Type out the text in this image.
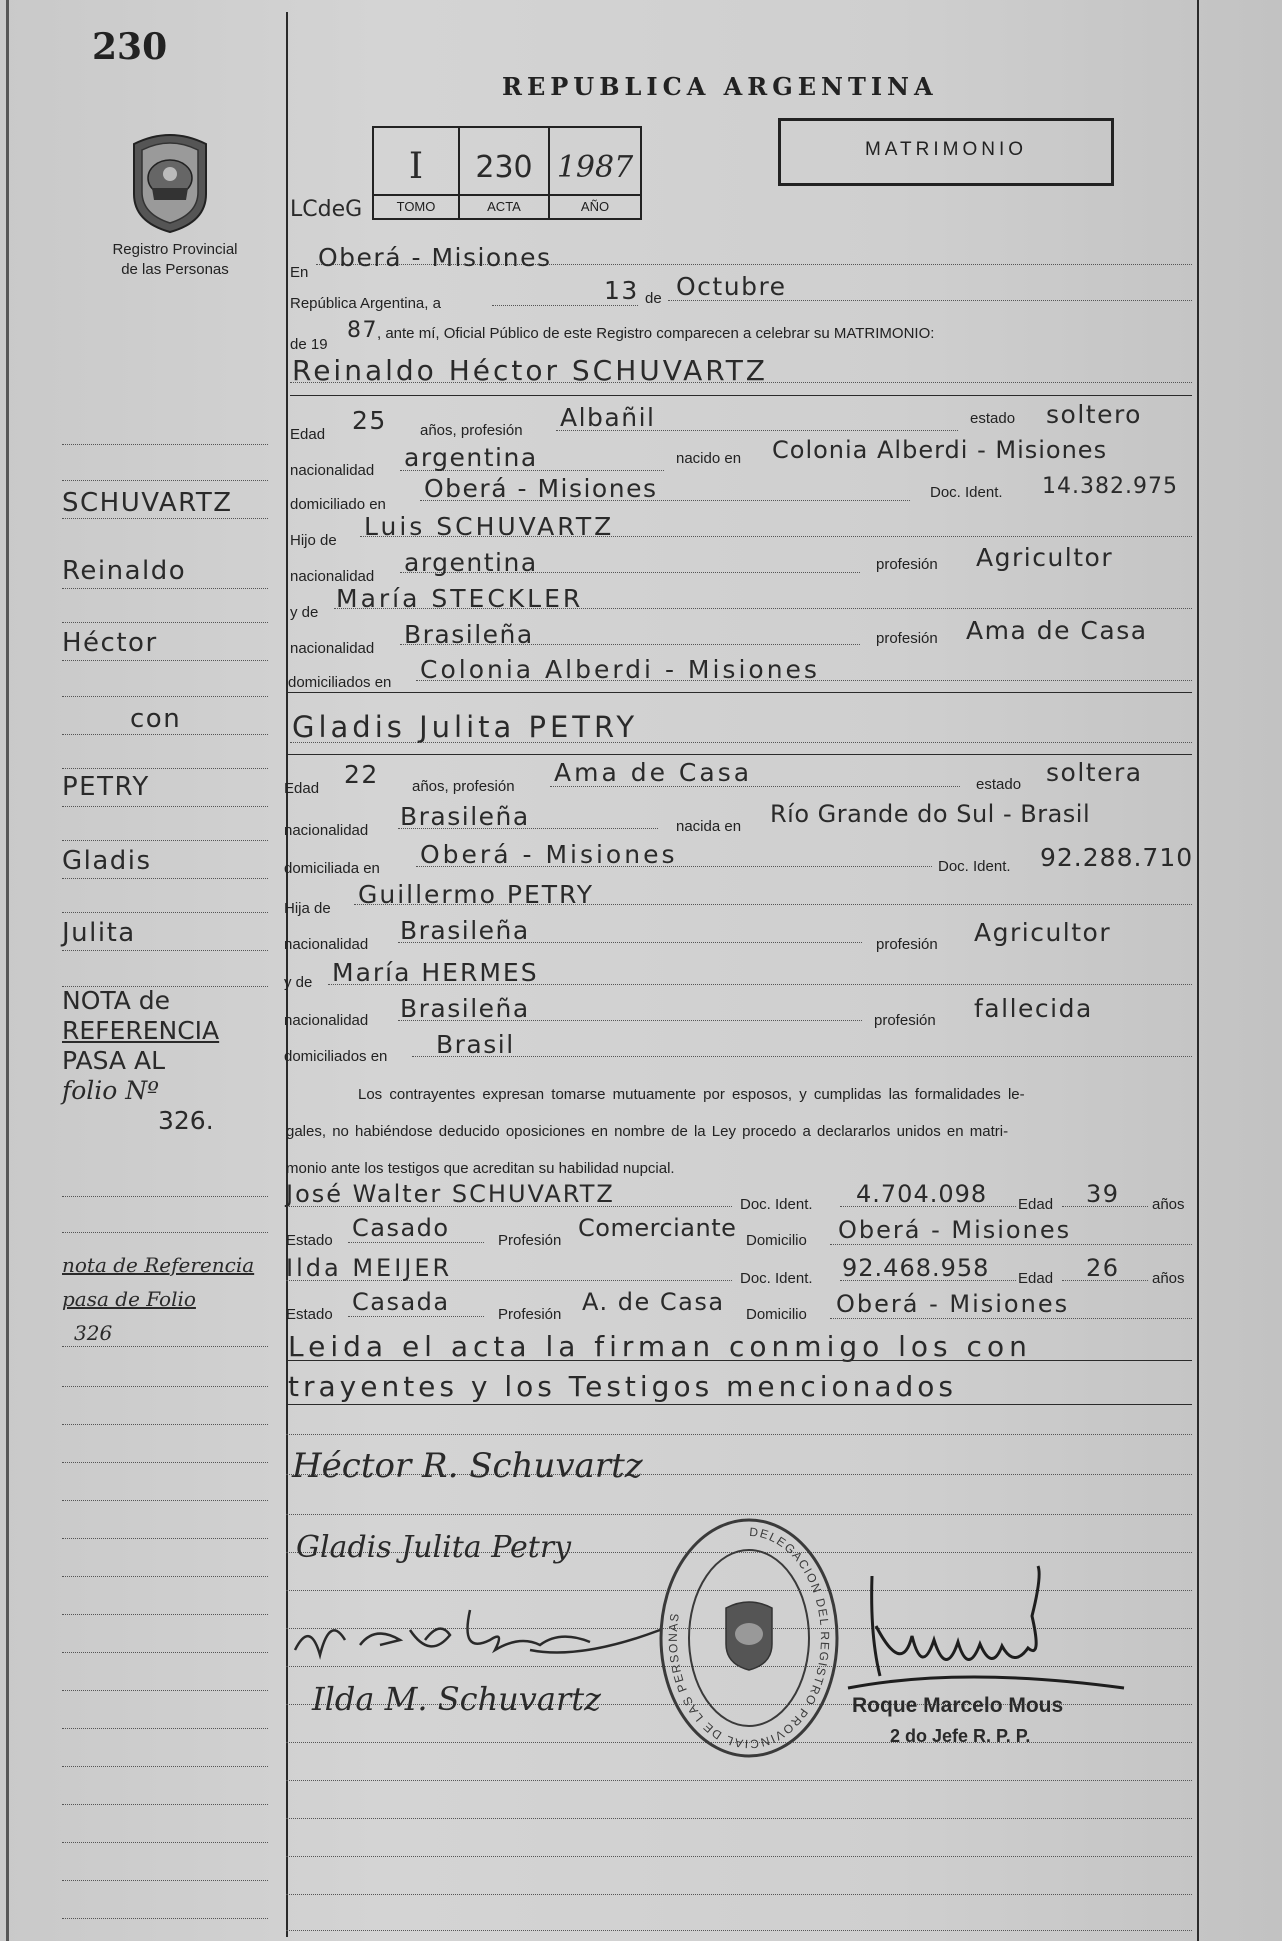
230
Registro Provincial
de las Personas
SCHUVARTZ
Reinaldo
Héctor
con
PETRY
Gladis
Julita
NOTA de
REFERENCIA
PASA AL
folio Nº
326.
nota de Referencia
pasa de Folio
326
REPUBLICA ARGENTINA
LCdeG
I
TOMO
230
ACTA
1987
AÑO
MATRIMONIO
En
Oberá - Misiones
República Argentina, a	13 de Octubre
de 19
87 , ante mí, Oficial Público de este Registro comparecen a celebrar su MATRIMONIO:
Reinaldo Héctor SCHUVARTZ
Edad 25 años, profesión Albañil	estado soltero
nacionalidad argentina	nacido en Colonia Alberdi - Misiones
domiciliado en
Oberá - Misiones	Doc. Ident. 14.382.975
Hijo de Luis SCHUVARTZ
nacionalidad argentina	profesión Agricultor
y de María STECKLER
nacionalidad Brasileña	profesión Ama de Casa
domiciliados en Colonia Alberdi - Misiones
Gladis Julita PETRY
Edad 22 años, profesión Ama de Casa	estado soltera
nacionalidad Brasileña	nacida en Río Grande do Sul - Brasil
domiciliada en Oberá - Misiones	Doc. Ident. 92.288.710
Hija de Guillermo PETRY
nacionalidad Brasileña	profesión Agricultor
y de María HERMES
nacionalidad Brasileña	profesión fallecida
domiciliados en Brasil
Los contrayentes expresan tomarse mutuamente por esposos, y cumplidas las formalidades le-
gales, no habiéndose deducido oposiciones en nombre de la Ley procedo a declararlos unidos en matri-
monio ante los testigos que acreditan su habilidad nupcial.
José Walter SCHUVARTZ	Doc. Ident. 4.704.098 Edad 39 años
Estado Casado	Profesión Comerciante Domicilio Oberá - Misiones
Ilda MEIJER	Doc. Ident. 92.468.958 Edad 26 años
Estado Casada	Profesión A. de Casa Domicilio Oberá - Misiones
Leida el acta la firman conmigo los con
trayentes y los Testigos mencionados
Héctor R. Schuvartz
Gladis Julita Petry
Ilda M. Schuvartz
DELEGACION DEL REGISTRO PROVINCIAL DE LAS PERSONAS
Roque Marcelo Mous
2 do Jefe R. P. P.
